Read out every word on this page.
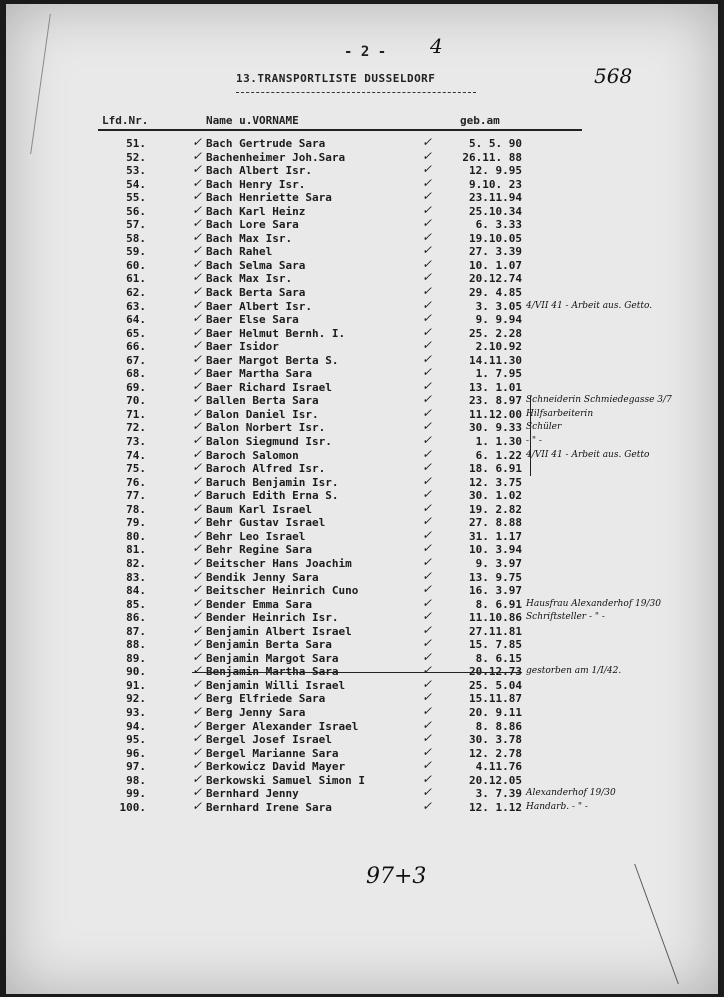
- 2 - 4
568
13.TRANSPORTLISTE DUSSELDORF
Lfd.Nr.	Name u.VORNAME	geb.am
✓
51.	Bach Gertrude Sara	✓	5. 5. 90
✓
52.	Bachenheimer Joh.Sara	✓	26.11. 88
✓
53.	Bach Albert Isr.	✓	12. 9.95
✓
54.	Bach Henry Isr.	✓	9.10. 23
✓
55.	Bach Henriette Sara	✓	23.11.94
✓
56.	Bach Karl Heinz	✓	25.10.34
✓
57.	Bach Lore Sara	✓	6. 3.33
✓
58.	Bach Max Isr.	✓	19.10.05
✓
59.	Bach Rahel	✓	27. 3.39
✓
60.	Bach Selma Sara	✓	10. 1.07
✓
61.	Back Max Isr.	✓	20.12.74
✓
62.	Back Berta Sara	✓	29. 4.85
✓
63.	Baer Albert Isr.	✓	3. 3.05 4/VII 41 - Arbeit aus. Getto.
✓
64.	Baer Else Sara	✓	9. 9.94
✓
65.	Baer Helmut Bernh. I.	✓	25. 2.28
✓
66.	Baer Isidor	✓	2.10.92
✓
67.	Baer Margot Berta S.	✓	14.11.30
✓
68.	Baer Martha Sara	✓	1. 7.95
✓
69.	Baer Richard Israel	✓	13. 1.01
✓
70.	Ballen Berta Sara	✓	23. 8.97 Schneiderin Schmiedegasse 3/7
✓
71.	Balon Daniel Isr.	✓	11.12.00 Hilfsarbeiterin
✓
72.	Balon Norbert Isr.	✓	30. 9.33 Schüler
✓
73.	Balon Siegmund Isr.	✓	1. 1.30 - " -
✓
74.	Baroch Salomon	✓	6. 1.22 4/VII 41 - Arbeit aus. Getto
✓
75.	Baroch Alfred Isr.	✓	18. 6.91
✓
76.	Baruch Benjamin Isr.	✓	12. 3.75
✓
77.	Baruch Edith Erna S.	✓	30. 1.02
✓
78.	Baum Karl Israel	✓	19. 2.82
✓
79.	Behr Gustav Israel	✓	27. 8.88
✓
80.	Behr Leo Israel	✓	31. 1.17
✓
81.	Behr Regine Sara	✓	10. 3.94
✓
82.	Beitscher Hans Joachim	✓	9. 3.97
✓
83.	Bendik Jenny Sara	✓	13. 9.75
✓
84.	Beitscher Heinrich Cuno	✓	16. 3.97
✓
85.	Bender Emma Sara	✓	8. 6.91 Hausfrau Alexanderhof 19/30
✓
86.	Bender Heinrich Isr.	✓	11.10.86 Schriftsteller - " -
✓
87.	Benjamin Albert Israel	✓	27.11.81
✓
88.	Benjamin Berta Sara	✓	15. 7.85
✓
89.	Benjamin Margot Sara	✓	8. 6.15
✓
90.	Benjamin Martha Sara	✓	20.12.73 gestorben am 1/I/42.
✓
91.	Benjamin Willi Israel	✓	25. 5.04
✓
92.	Berg Elfriede Sara	✓	15.11.87
✓
93.	Berg Jenny Sara	✓	20. 9.11
✓
94.	Berger Alexander Israel	✓	8. 8.86
✓
95.	Bergel Josef Israel	✓	30. 3.78
✓
96.	Bergel Marianne Sara	✓	12. 2.78
✓
97.	Berkowicz David Mayer	✓	4.11.76
✓
98.	Berkowski Samuel Simon I	✓	20.12.05
✓
99.	Bernhard Jenny	✓	3. 7.39 Alexanderhof 19/30
✓
100.	Bernhard Irene Sara	✓	12. 1.12 Handarb. - " -
97+3
